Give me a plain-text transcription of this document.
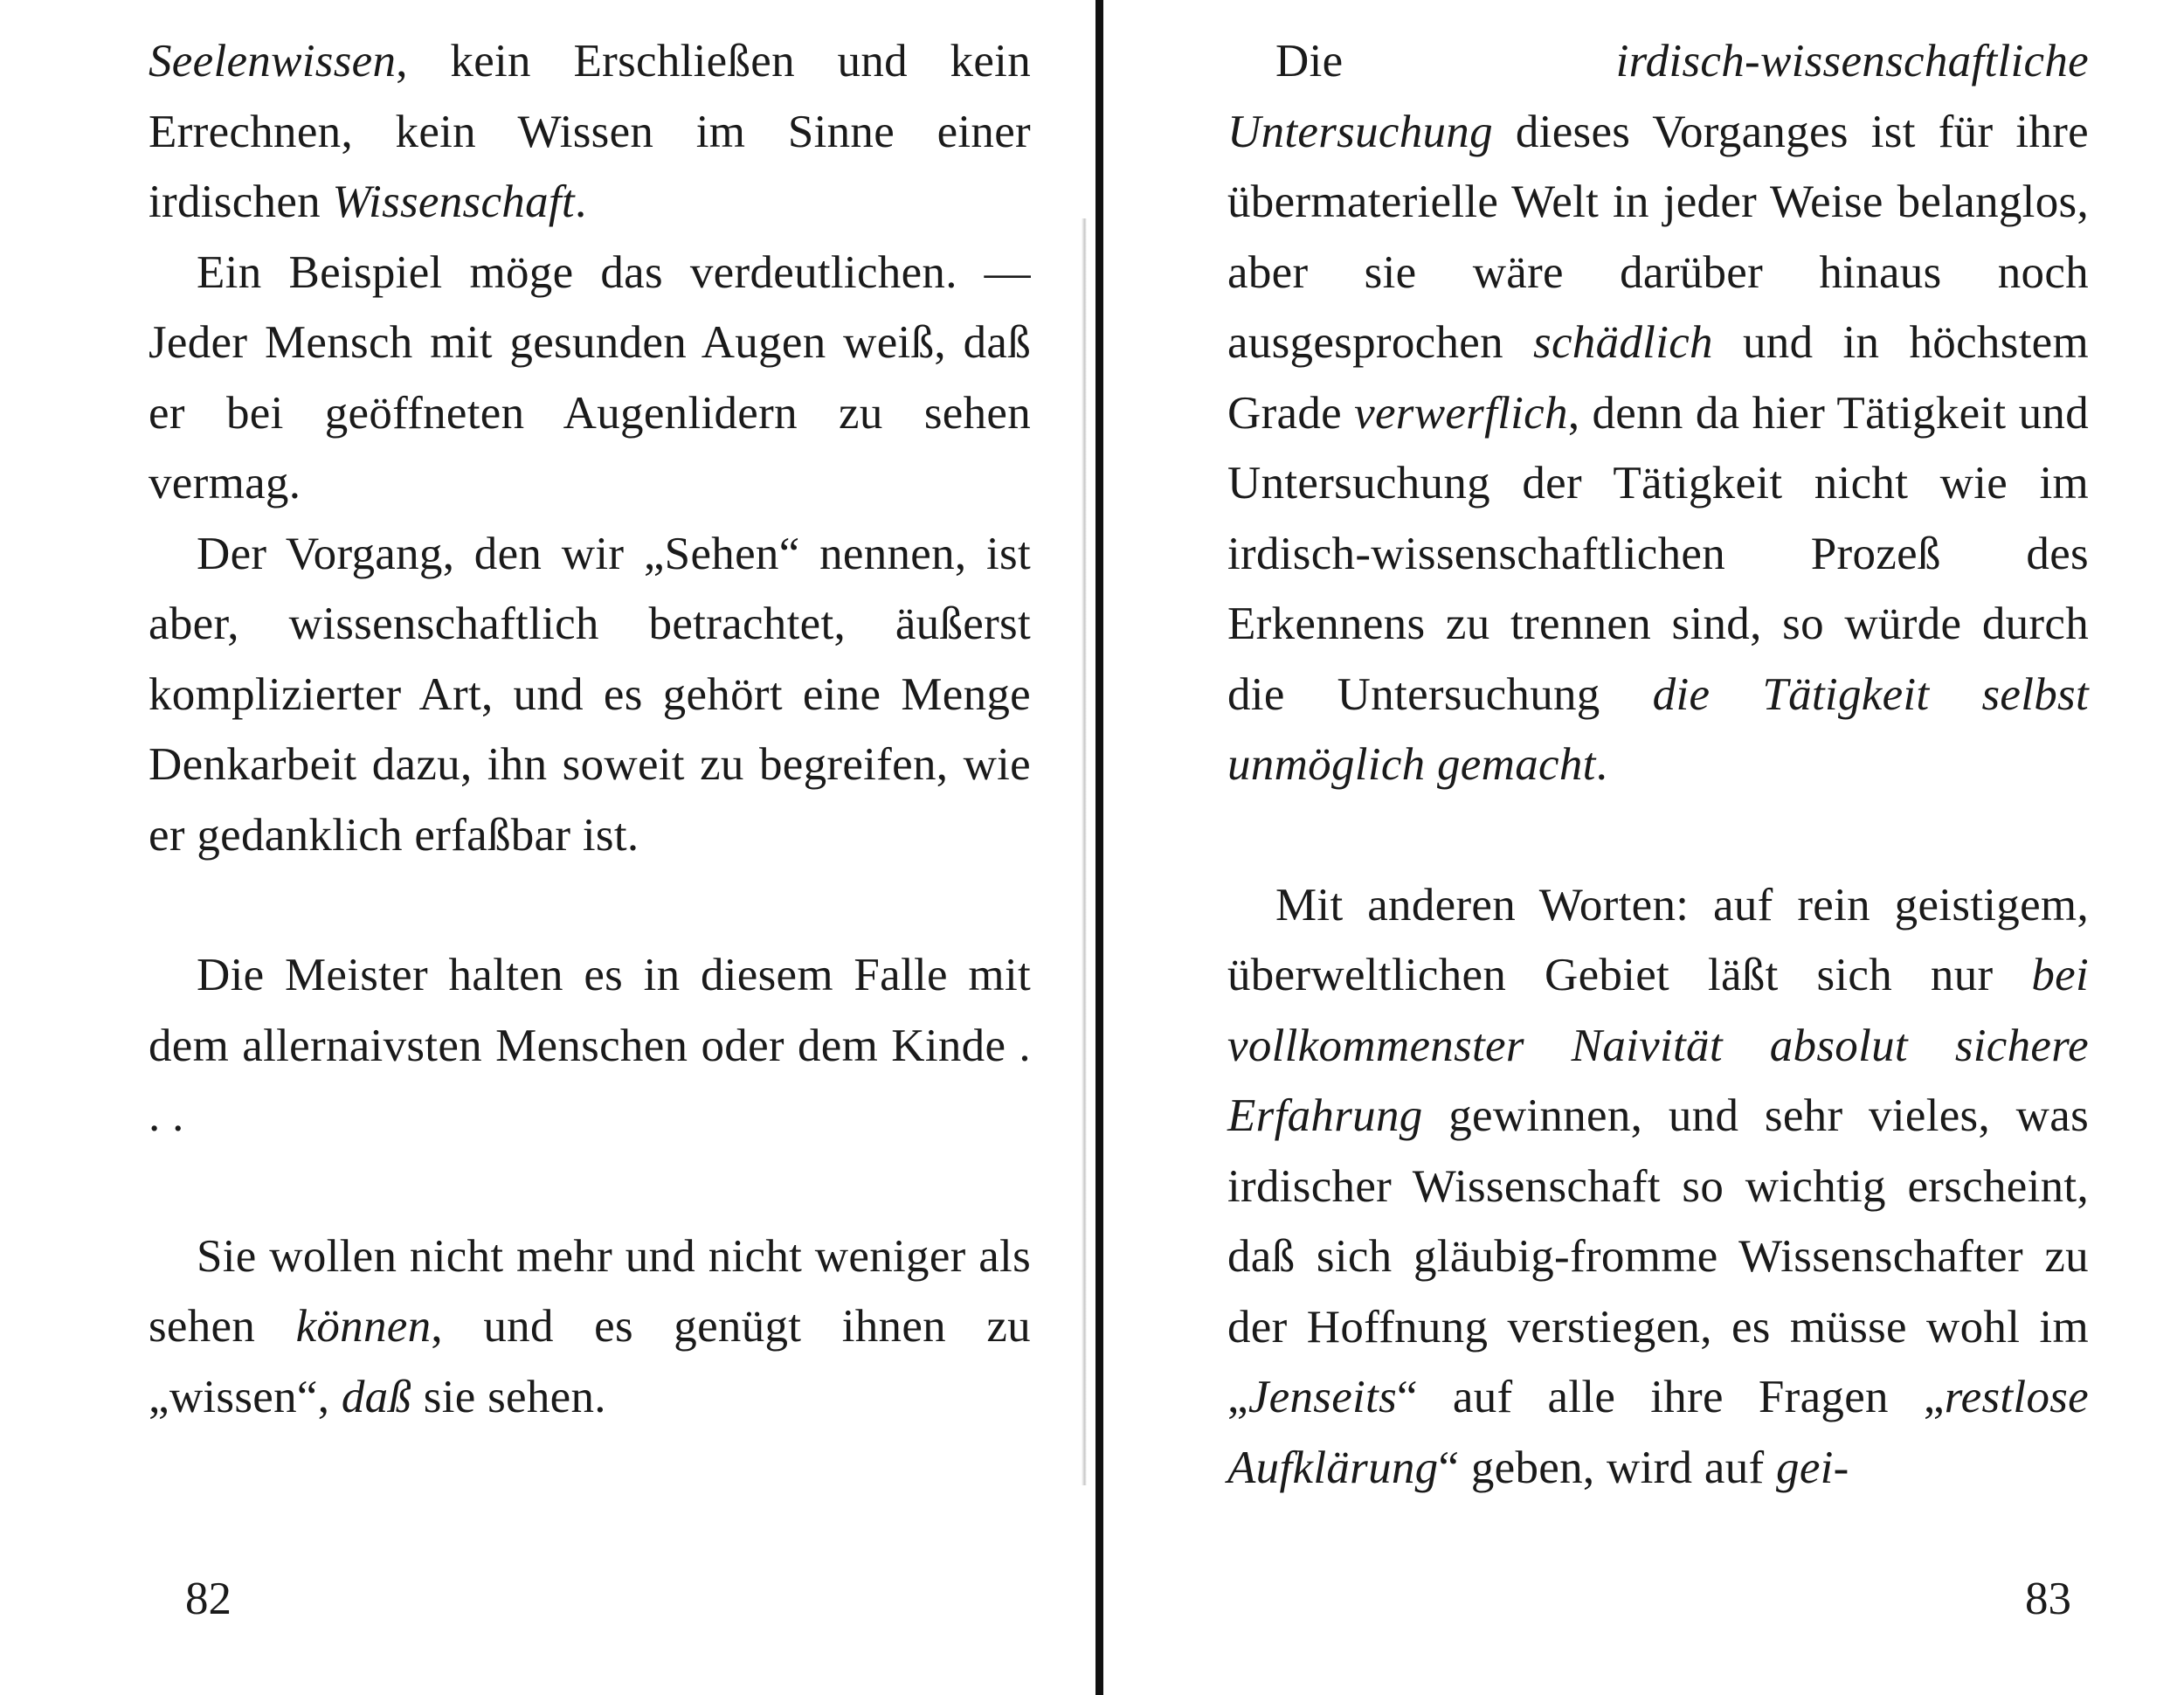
Seelenwissen, kein Erschließen und kein Errechnen, kein Wissen im Sinne einer irdischen Wissenschaft.

Ein Beispiel möge das verdeutlichen. — Jeder Mensch mit gesunden Augen weiß, daß er bei geöffneten Augenlidern zu sehen vermag.

Der Vorgang, den wir „Sehen“ nennen, ist aber, wissenschaftlich betrachtet, äußerst komplizierter Art, und es gehört eine Menge Denkarbeit dazu, ihn soweit zu begreifen, wie er gedanklich erfaßbar ist.

Die Meister halten es in diesem Falle mit dem allernaivsten Menschen oder dem Kinde . . .

Sie wollen nicht mehr und nicht weniger als sehen können, und es genügt ihnen zu „wissen“, daß sie sehen.

Die irdisch-wissenschaftliche Untersuchung dieses Vorganges ist für ihre übermaterielle Welt in jeder Weise belanglos, aber sie wäre darüber hinaus noch ausgesprochen schädlich und in höchstem Grade verwerflich, denn da hier Tätigkeit und Untersuchung der Tätigkeit nicht wie im irdisch-wissenschaftlichen Prozeß des Erkennens zu trennen sind, so würde durch die Untersuchung die Tätigkeit selbst unmöglich gemacht.

Mit anderen Worten: auf rein geistigem, überweltlichen Gebiet läßt sich nur bei vollkommenster Naivität absolut sichere Erfahrung gewinnen, und sehr vieles, was irdischer Wissenschaft so wichtig erscheint, daß sich gläubig-fromme Wissenschafter zu der Hoffnung verstiegen, es müsse wohl im „Jenseits“ auf alle ihre Fragen „restlose Aufklärung“ geben, wird auf gei-

82	83
